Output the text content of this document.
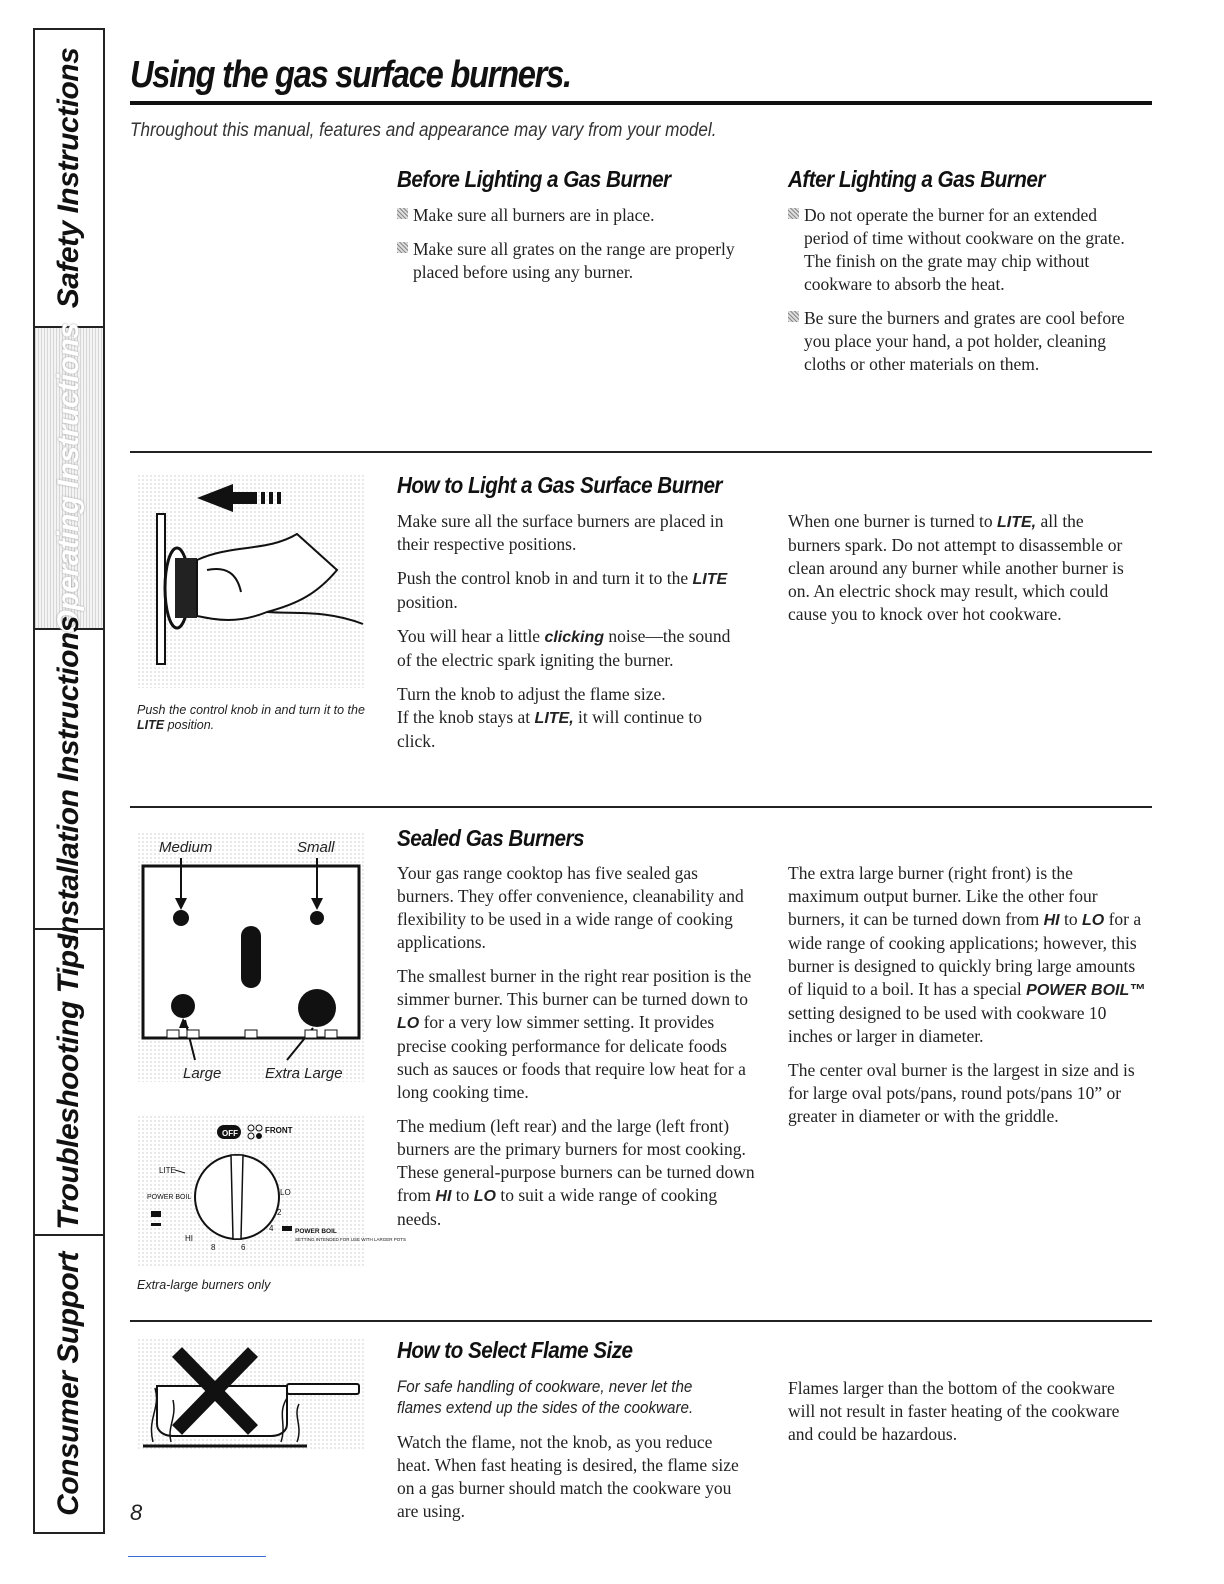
Safety Instructions
Operating Instructions
Installation Instructions
Troubleshooting Tips
Consumer Support
Using the gas surface burners.
Throughout this manual, features and appearance may vary from your model.
Before Lighting a Gas Burner
Make sure all burners are in place.
Make sure all grates on the range are properly placed before using any burner.
After Lighting a Gas Burner
Do not operate the burner for an extended period of time without cookware on the grate. The finish on the grate may chip without cookware to absorb the heat.
Be sure the burners and grates are cool before you place your hand, a pot holder, cleaning cloths or other materials on them.
Push the control knob in and turn it to the LITE position.
How to Light a Gas Surface Burner

Make sure all the surface burners are placed in their respective positions.

Push the control knob in and turn it to the LITE position.

You will hear a little clicking noise—the sound of the electric spark igniting the burner.

Turn the knob to adjust the flame size.
If the knob stays at LITE, it will continue to click.

When one burner is turned to LITE, all the burners spark. Do not attempt to disassemble or clean around any burner while another burner is on. An electric shock may result, which could cause you to knock over hot cookware.

Medium	Small
Large	Extra Large
OFF	FRONT
LITE
POWER BOIL
LO
2
4
6
8
HI
POWER BOIL
SETTING INTENDED FOR USE WITH LARGER POTS
Extra-large burners only
Sealed Gas Burners

Your gas range cooktop has five sealed gas burners. They offer convenience, cleanability and flexibility to be used in a wide range of cooking applications.

The smallest burner in the right rear position is the simmer burner. This burner can be turned down to LO for a very low simmer setting. It provides precise cooking performance for delicate foods such as sauces or foods that require low heat for a long cooking time.

The medium (left rear) and the large (left front) burners are the primary burners for most cooking. These general-purpose burners can be turned down from HI to LO to suit a wide range of cooking needs.

The extra large burner (right front) is the maximum output burner. Like the other four burners, it can be turned down from HI to LO for a wide range of cooking applications; however, this burner is designed to quickly bring large amounts of liquid to a boil. It has a special POWER BOIL™ setting designed to be used with cookware 10 inches or larger in diameter.

The center oval burner is the largest in size and is for large oval pots/pans, round pots/pans 10” or greater in diameter or with the griddle.

How to Select Flame Size
For safe handling of cookware, never let the flames extend up the sides of the cookware.
Watch the flame, not the knob, as you reduce heat. When fast heating is desired, the flame size on a gas burner should match the cookware you are using.
Flames larger than the bottom of the cookware will not result in faster heating of the cookware and could be hazardous.
8
